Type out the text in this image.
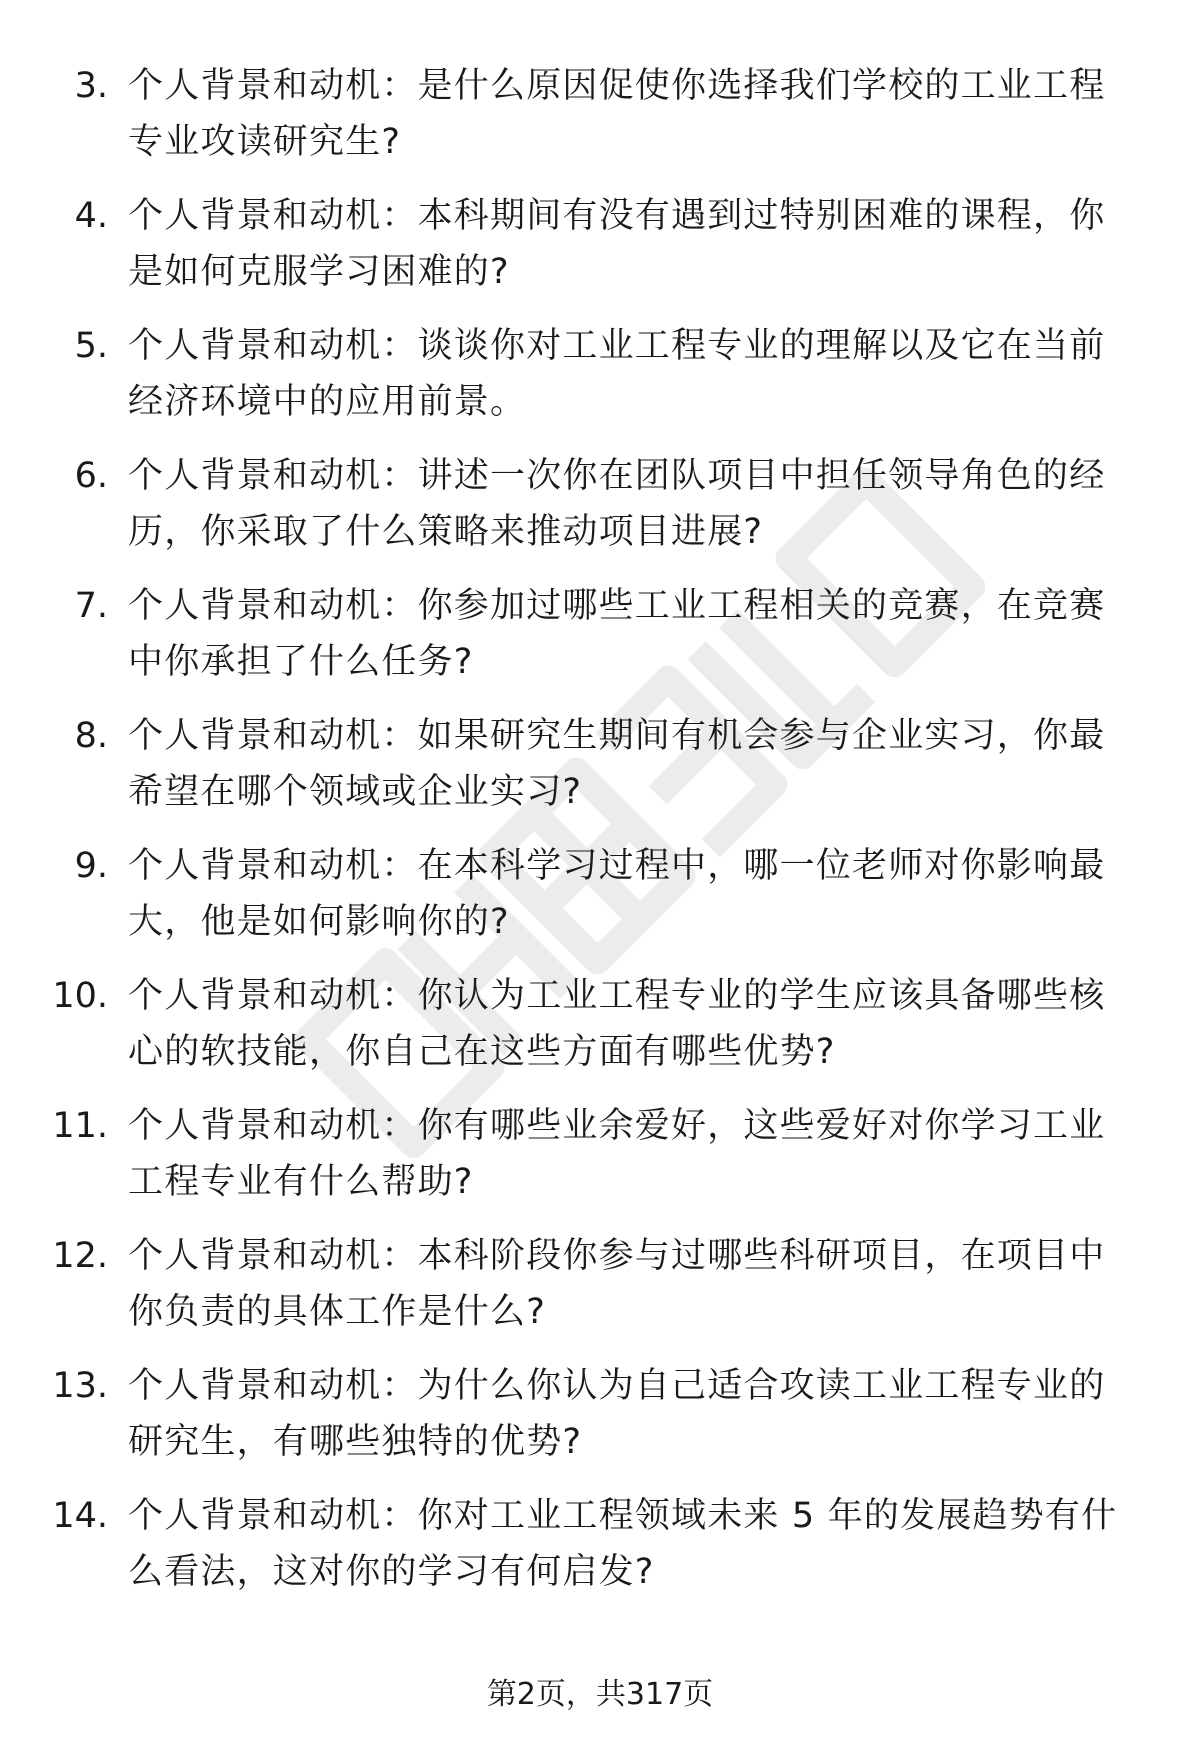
3. 个人背景和动机：是什么原因促使你选择我们学校的工业工程专业攻读研究生?
4. 个人背景和动机：本科期间有没有遇到过特别困难的课程，你是如何克服学习困难的?
5. 个人背景和动机：谈谈你对工业工程专业的理解以及它在当前经济环境中的应用前景。
6. 个人背景和动机：讲述一次你在团队项目中担任领导角色的经历，你采取了什么策略来推动项目进展?
7. 个人背景和动机：你参加过哪些工业工程相关的竞赛，在竞赛中你承担了什么任务?
8. 个人背景和动机：如果研究生期间有机会参与企业实习，你最希望在哪个领域或企业实习?
9. 个人背景和动机：在本科学习过程中，哪一位老师对你影响最大，他是如何影响你的?
10. 个人背景和动机：你认为工业工程专业的学生应该具备哪些核心的软技能，你自己在这些方面有哪些优势?
11. 个人背景和动机：你有哪些业余爱好，这些爱好对你学习工业工程专业有什么帮助?
12. 个人背景和动机：本科阶段你参与过哪些科研项目，在项目中你负责的具体工作是什么?
13. 个人背景和动机：为什么你认为自己适合攻读工业工程专业的研究生，有哪些独特的优势?
14. 个人背景和动机：你对工业工程领域未来 5 年的发展趋势有什么看法，这对你的学习有何启发?
第2页，共317页
